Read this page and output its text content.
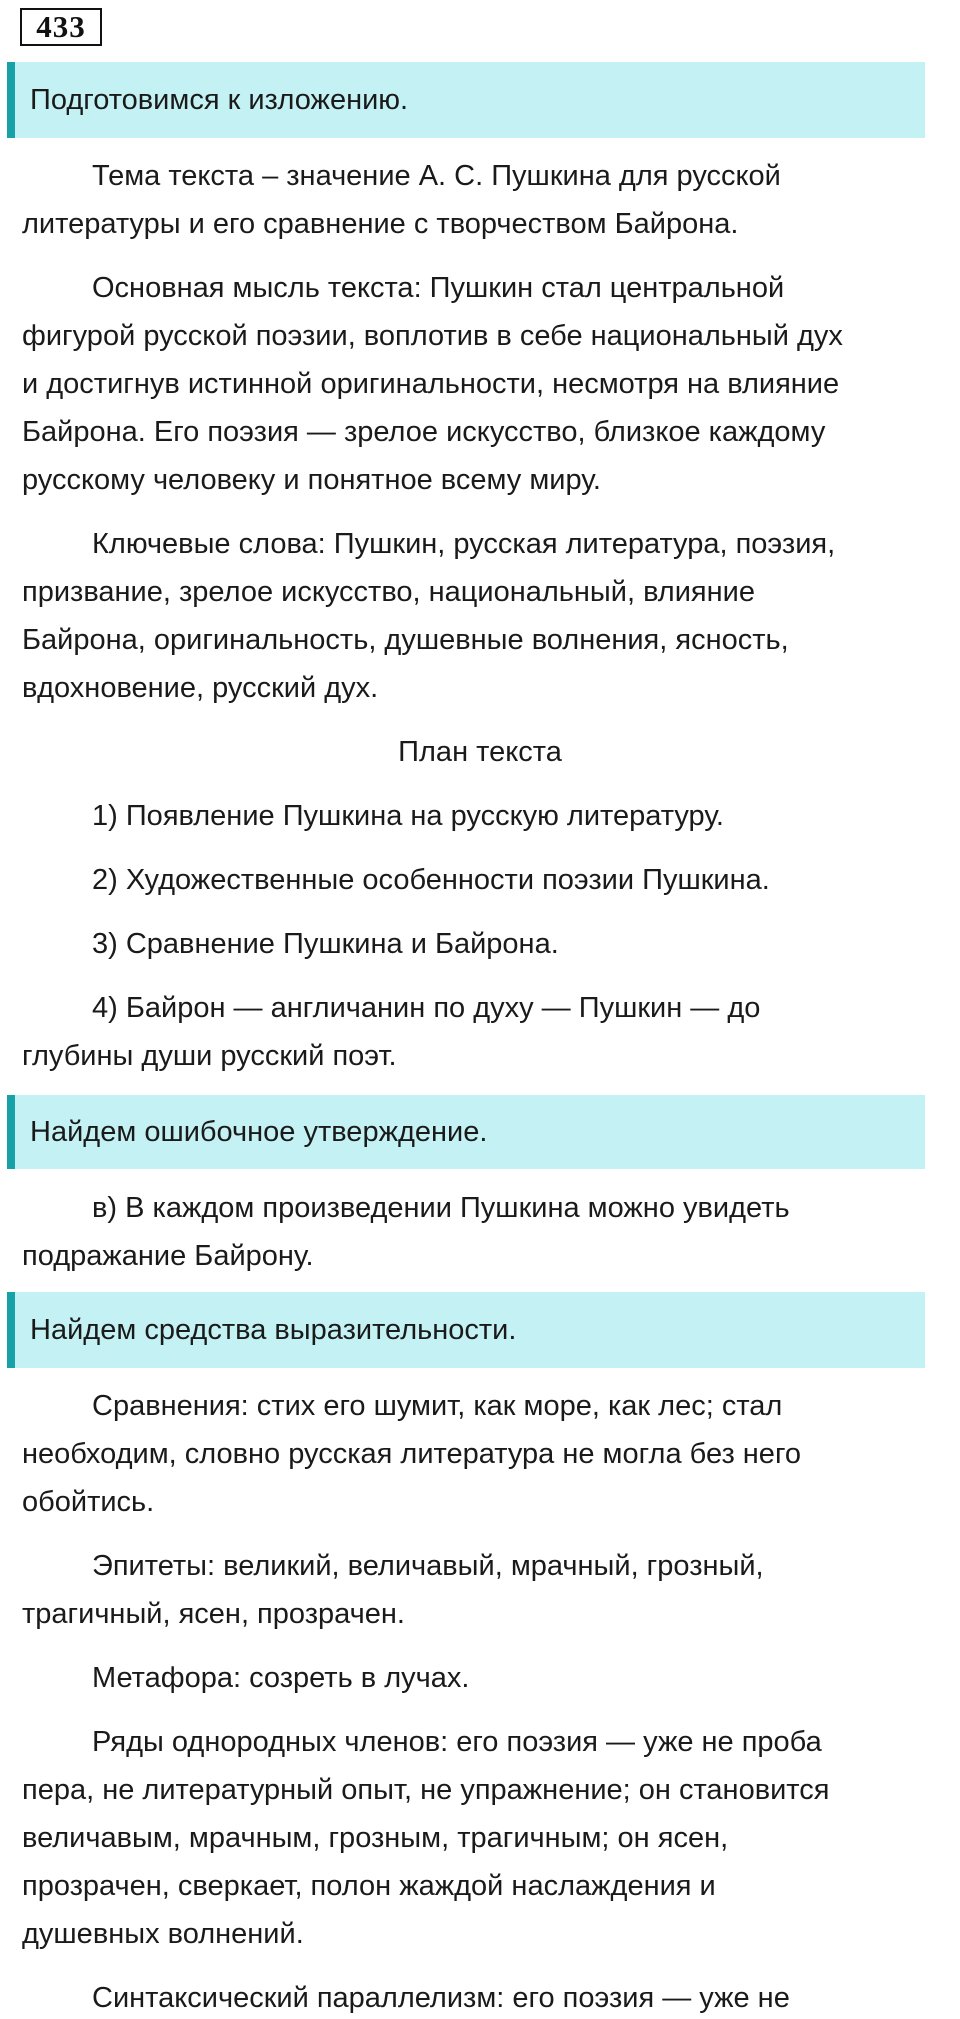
433
Подготовимся к изложению.
Тема текста – значение А. С. Пушкина для русской
литературы и его сравнение с творчеством Байрона.
Основная мысль текста: Пушкин стал центральной
фигурой русской поэзии, воплотив в себе национальный дух
и достигнув истинной оригинальности, несмотря на влияние
Байрона. Его поэзия — зрелое искусство, близкое каждому
русскому человеку и понятное всему миру.
Ключевые слова: Пушкин, русская литература, поэзия,
призвание, зрелое искусство, национальный, влияние
Байрона, оригинальность, душевные волнения, ясность,
вдохновение, русский дух.
План текста
1) Появление Пушкина на русскую литературу.
2) Художественные особенности поэзии Пушкина.
3) Сравнение Пушкина и Байрона.
4) Байрон — англичанин по духу — Пушкин — до
глубины души русский поэт.
Найдем ошибочное утверждение.
в) В каждом произведении Пушкина можно увидеть
подражание Байрону.
Найдем средства выразительности.
Сравнения: стих его шумит, как море, как лес; стал
необходим, словно русская литература не могла без него
обойтись.
Эпитеты: великий, величавый, мрачный, грозный,
трагичный, ясен, прозрачен.
Метафора: созреть в лучах.
Ряды однородных членов: его поэзия — уже не проба
пера, не литературный опыт, не упражнение; он становится
величавым, мрачным, грозным, трагичным; он ясен,
прозрачен, сверкает, полон жаждой наслаждения и
душевных волнений.
Синтаксический параллелизм: его поэзия — уже не
